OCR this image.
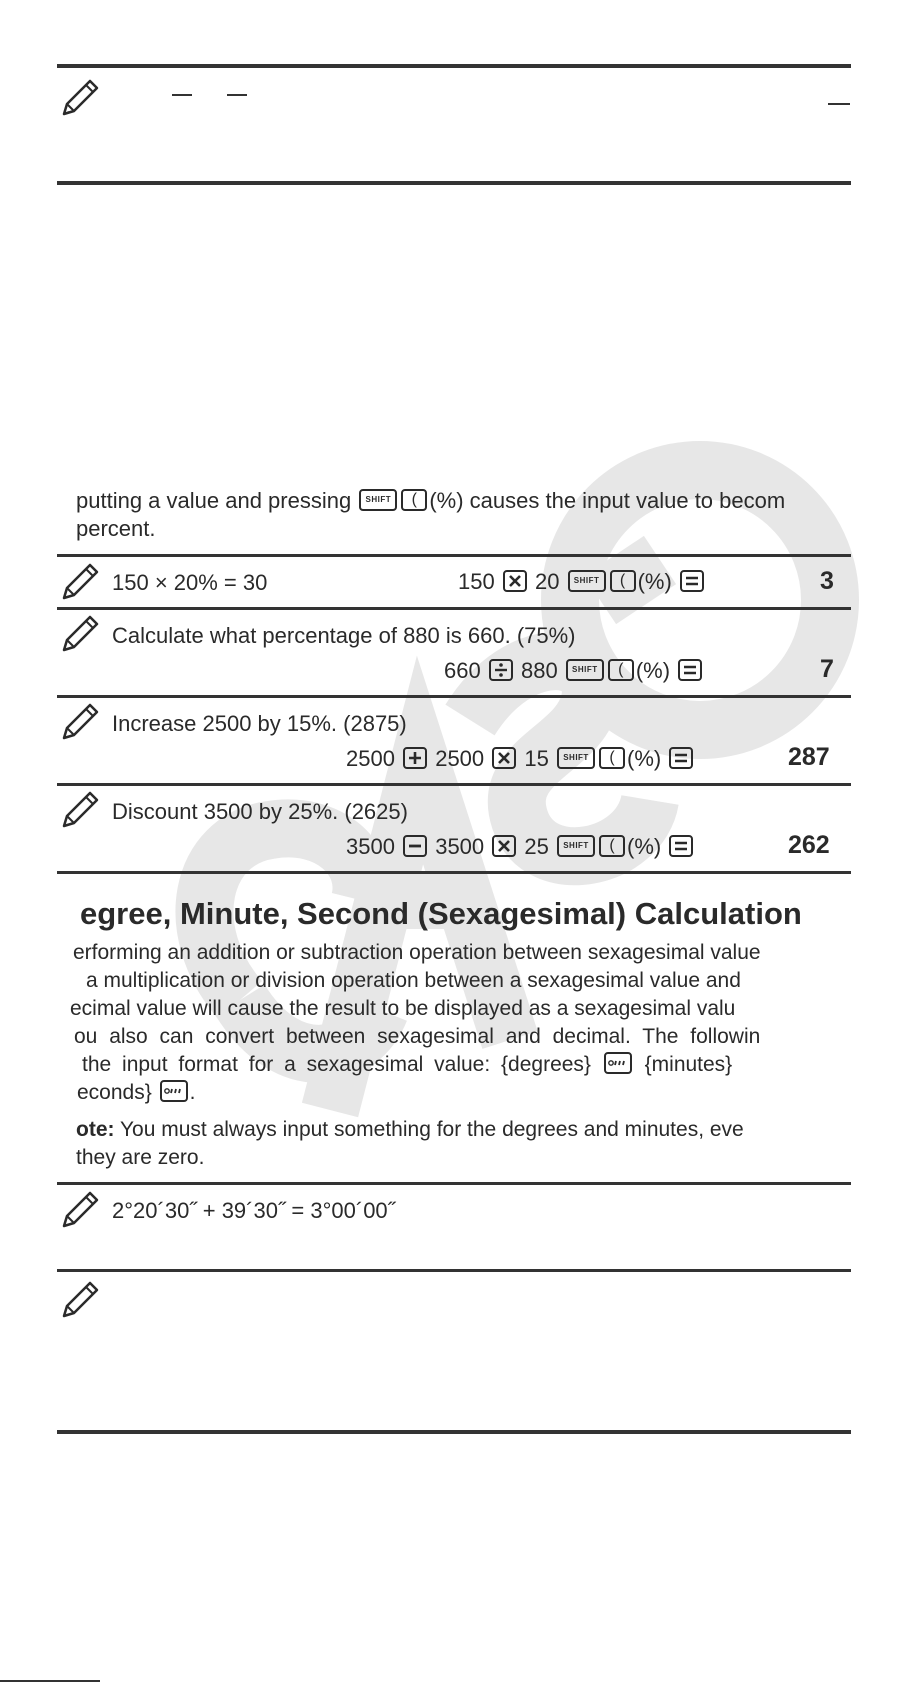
putting a value and pressing SHIFT ( (%) causes the input value to becom
percent.
150 × 20% = 30	150 20 SHIFT ( (%)	3
Calculate what percentage of 880 is 660. (75%)
660 880 SHIFT ( (%)	7
Increase 2500 by 15%. (2875)
2500 2500 15 SHIFT ( (%)	287
Discount 3500 by 25%. (2625)
3500 3500 25 SHIFT ( (%)	262
egree, Minute, Second (Sexagesimal) Calculation
erforming an addition or subtraction operation between sexagesimal value
a multiplication or division operation between a sexagesimal value and
ecimal value will cause the result to be displayed as a sexagesimal valu
ou also can convert between sexagesimal and decimal. The followin
the input format for a sexagesimal value: {degrees}	{minutes}
econds} .
ote: You must always input something for the degrees and minutes, eve
they are zero.
2°20´30˝ + 39´30˝ = 3°00´00˝
